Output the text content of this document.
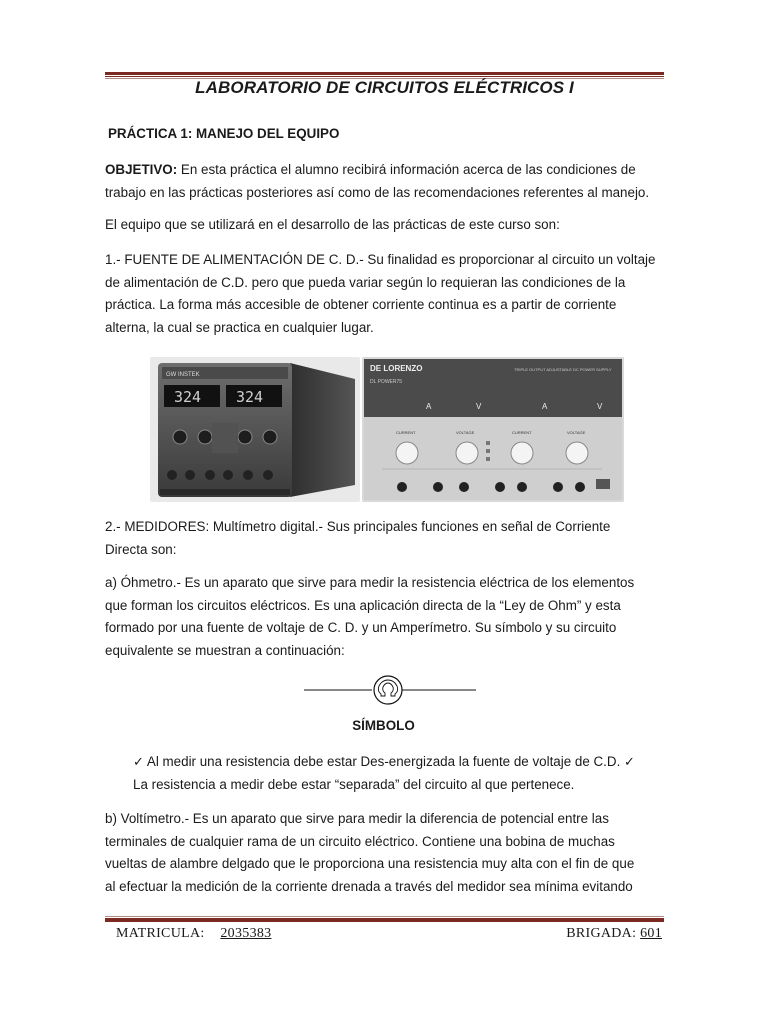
LABORATORIO DE CIRCUITOS ELÉCTRICOS I
PRÁCTICA 1: MANEJO DEL EQUIPO
OBJETIVO: En esta práctica el alumno recibirá información acerca de las condiciones de
trabajo en las prácticas posteriores así como de las recomendaciones referentes al manejo.
El equipo que se utilizará en el desarrollo de las prácticas de este curso son:
1.- FUENTE DE ALIMENTACIÓN DE C. D.- Su finalidad es proporcionar al circuito un voltaje
de alimentación de C.D. pero que pueda variar según lo requieran las condiciones de la
práctica. La forma más accesible de obtener corriente continua es a partir de corriente
alterna, la cual se practica en cualquier lugar.
GW INSTEK
324 324
DE LORENZO
DL POWER75
TRIPLE OUTPUT ADJUSTABLE DC POWER SUPPLY
A	V	A	V
CURRENT	VOLTAGE	CURRENT	VOLTAGE
2.- MEDIDORES: Multímetro digital.- Sus principales funciones en señal de Corriente
Directa son:
a) Óhmetro.- Es un aparato que sirve para medir la resistencia eléctrica de los elementos
que forman los circuitos eléctricos. Es una aplicación directa de la “Ley de Ohm” y esta
formado por una fuente de voltaje de C. D. y un Amperímetro. Su símbolo y su circuito
equivalente se muestran a continuación:
SÍMBOLO
✓ Al medir una resistencia debe estar Des-energizada la fuente de voltaje de C.D. ✓
La resistencia a medir debe estar “separada” del circuito al que pertenece.
b) Voltímetro.- Es un aparato que sirve para medir la diferencia de potencial entre las
terminales de cualquier rama de un circuito eléctrico. Contiene una bobina de muchas
vueltas de alambre delgado que le proporciona una resistencia muy alta con el fin de que
al efectuar la medición de la corriente drenada a través del medidor sea mínima evitando
MATRICULA: 2035383	BRIGADA: 601
